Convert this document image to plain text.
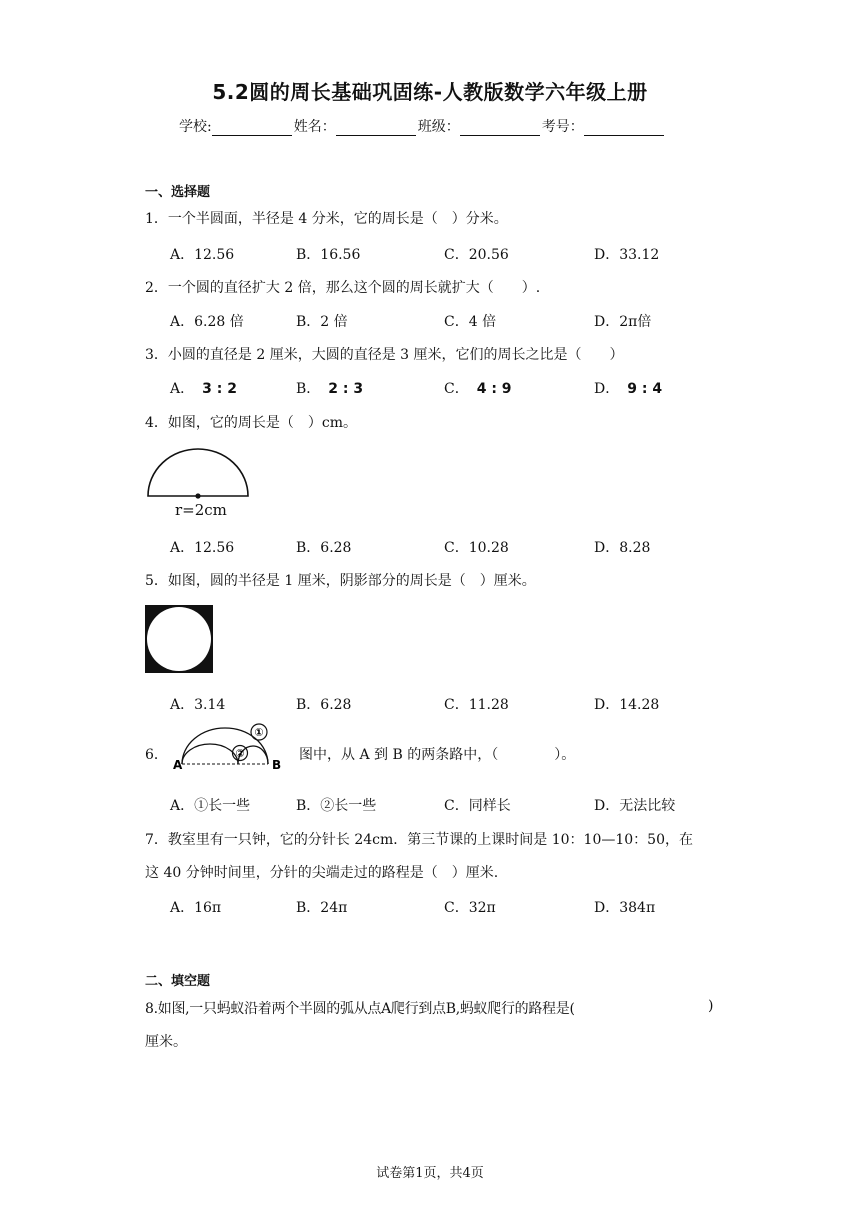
5.2圆的周长基础巩固练-人教版数学六年级上册
学校:	姓名：	班级：	考号：
一、选择题
1．一个半圆面，半径是 4 分米，它的周长是（　）分米。
A．12.56	B．16.56	C．20.56	D．33.12
2．一个圆的直径扩大 2 倍，那么这个圆的周长就扩大（　　）.
A．6.28 倍	B．2 倍	C．4 倍	D．2π倍
3．小圆的直径是 2 厘米，大圆的直径是 3 厘米，它们的周长之比是（　　）
A． 3 : 2	B． 2 : 3	C． 4 : 9	D． 9 : 4
4．如图，它的周长是（　）cm。
r=2cm
A．12.56	B．6.28	C．10.28	D．8.28
5．如图，圆的半径是 1 厘米，阴影部分的周长是（　）厘米。
A．3.14	B．6.28	C．11.28	D．14.28
6．
①
②
A	B
图中，从 A 到 B 的两条路中，（　　　　）。
A．①长一些	B．②长一些	C．同样长	D．无法比较
7．教室里有一只钟，它的分针长 24cm．第三节课的上课时间是 10：10—10：50，在
这 40 分钟时间里，分针的尖端走过的路程是（　）厘米.
A．16π	B．24π	C．32π	D．384π
二、填空题
8.如图,一只蚂蚁沿着两个半圆的弧从点A爬行到点B,蚂蚁爬行的路程是(	)
厘米。
试卷第1页，共4页
